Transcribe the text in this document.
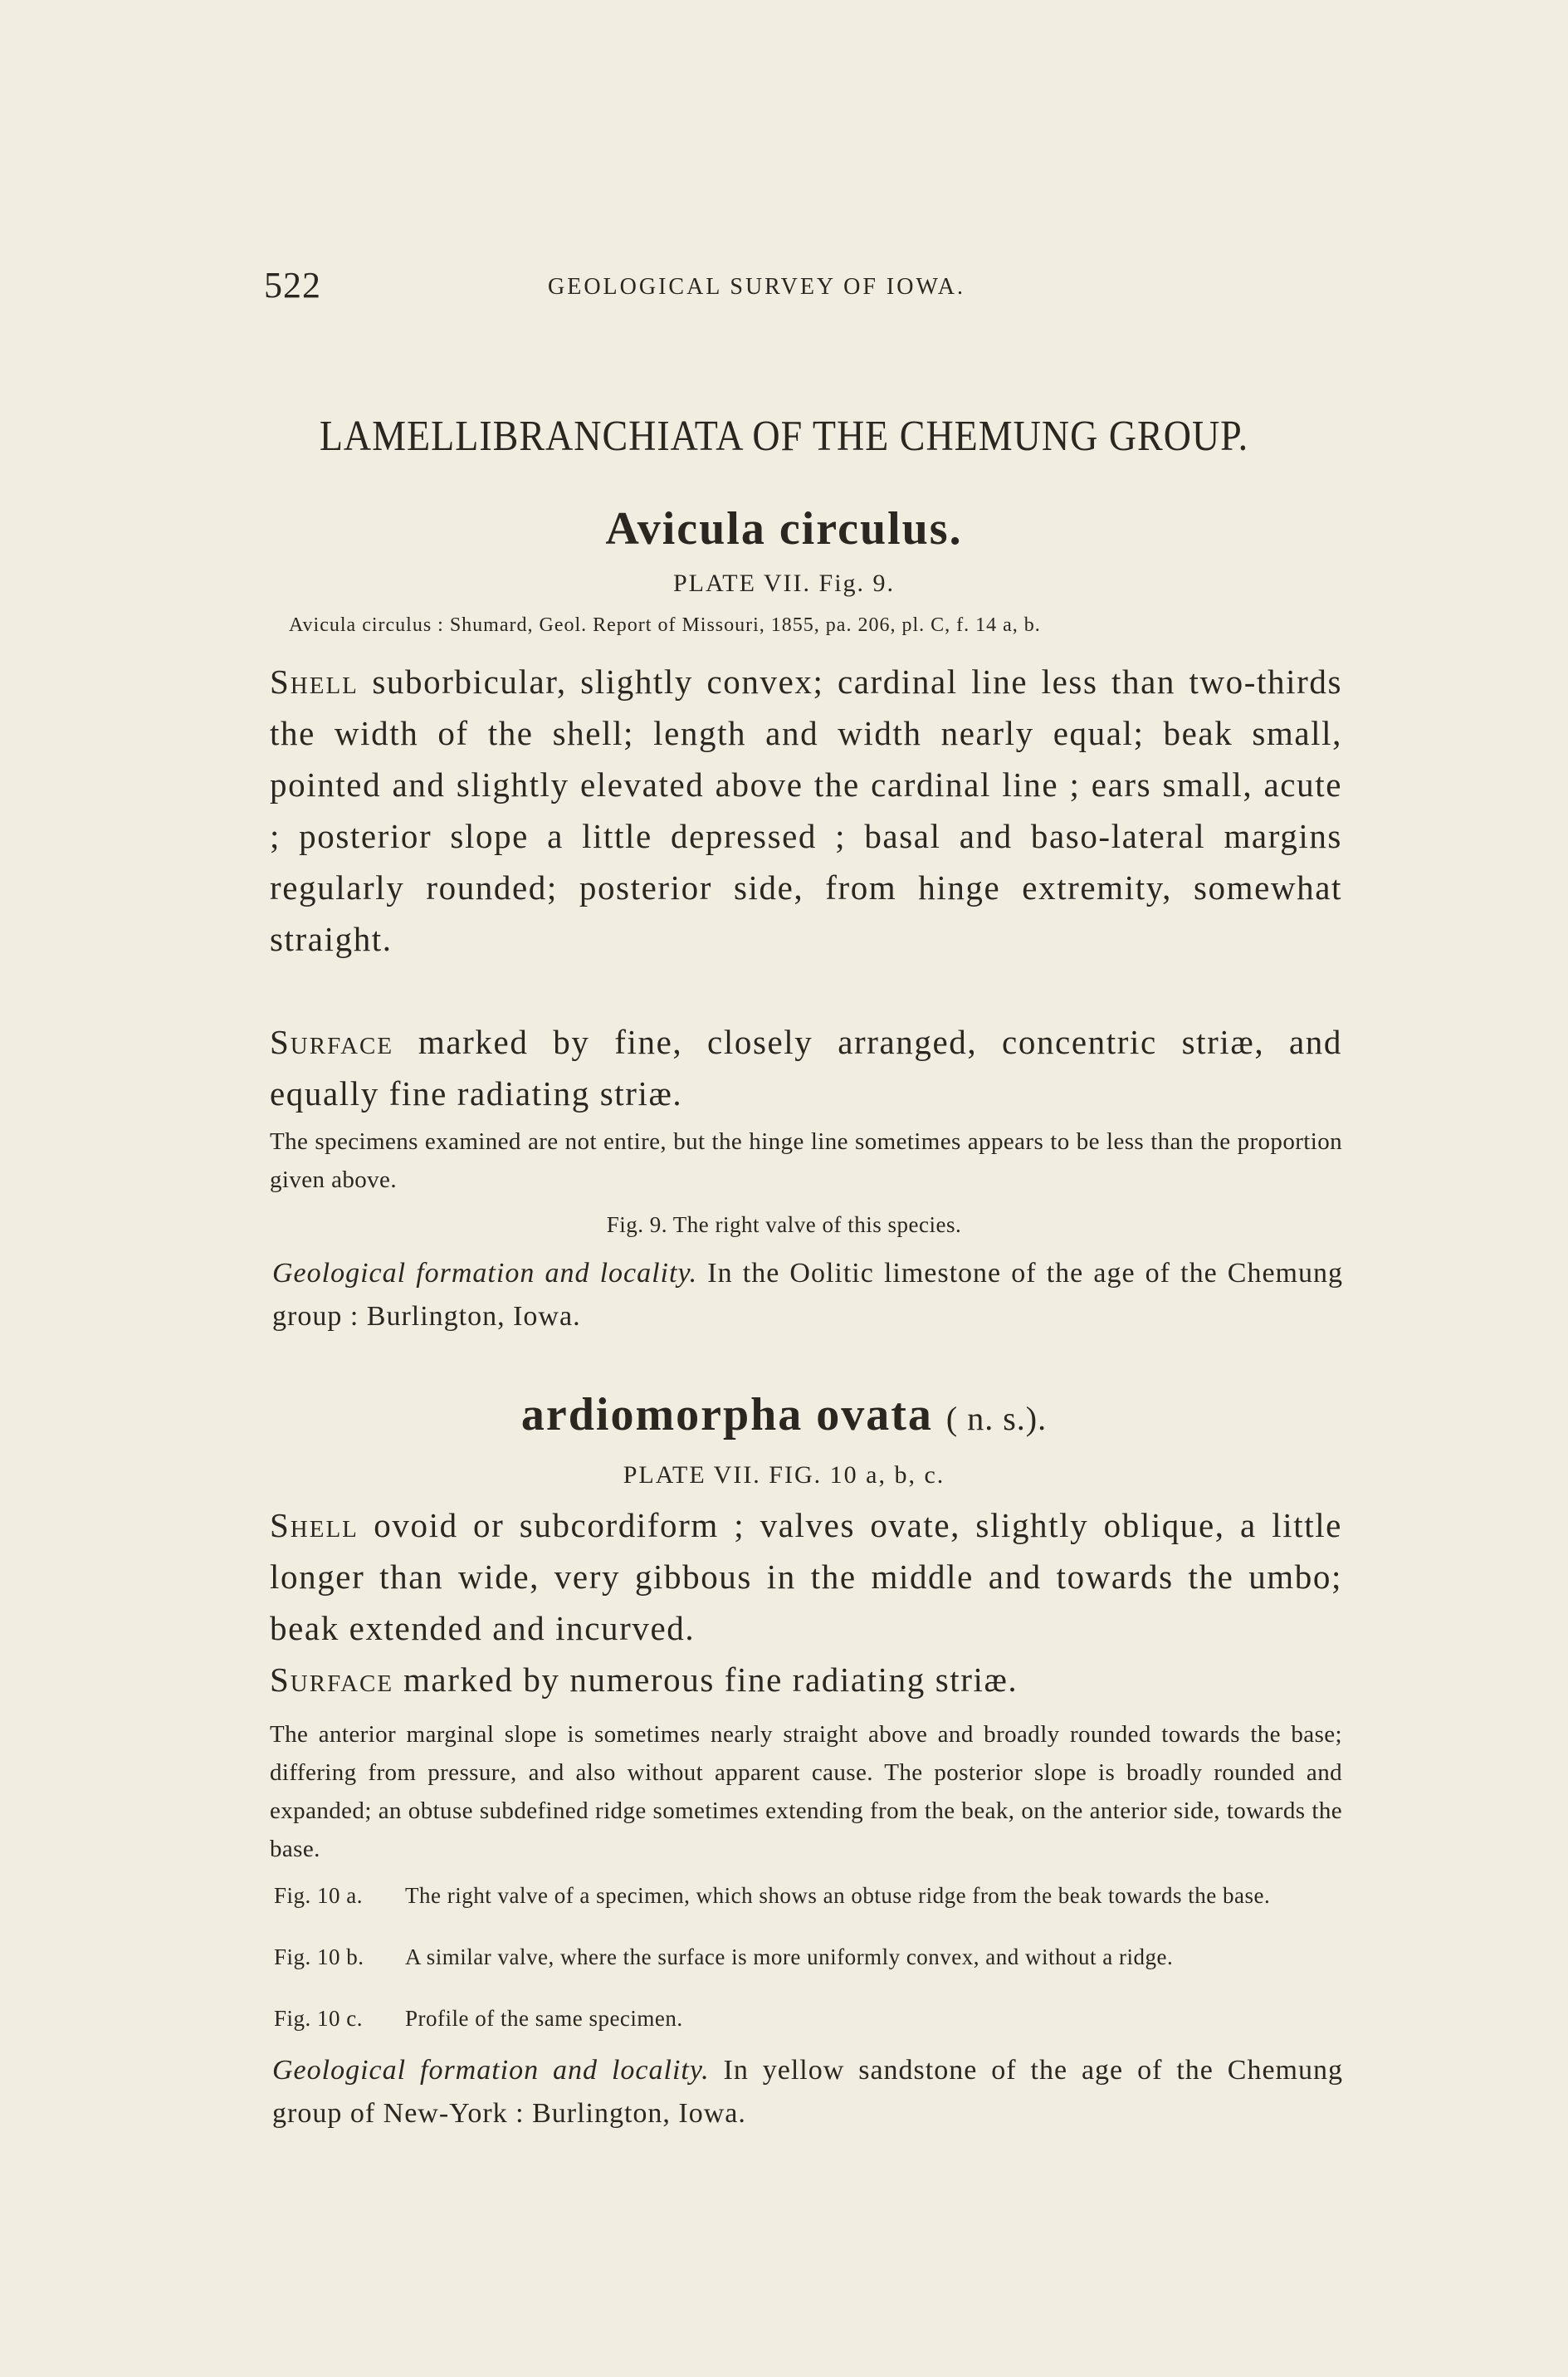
522	GEOLOGICAL SURVEY OF IOWA.
LAMELLIBRANCHIATA OF THE CHEMUNG GROUP.
Avicula circulus.
PLATE VII. Fig. 9.
Avicula circulus : Shumard, Geol. Report of Missouri, 1855, pa. 206, pl. C, f. 14 a, b.

Shell suborbicular, slightly convex; cardinal line less than two-thirds the width of the shell; length and width nearly equal; beak small, pointed and slightly elevated above the cardinal line ; ears small, acute ; posterior slope a little depressed ; basal and baso-lateral margins regularly rounded; posterior side, from hinge extremity, somewhat straight.

Surface marked by fine, closely arranged, concentric striæ, and equally fine radiating striæ.

The specimens examined are not entire, but the hinge line sometimes appears to be less than the proportion given above.

Fig. 9. The right valve of this species.

Geological formation and locality. In the Oolitic limestone of the age of the Chemung group : Burlington, Iowa.

ardiomorpha ovata ( n. s.).
PLATE VII. FIG. 10 a, b, c.

Shell ovoid or subcordiform ; valves ovate, slightly oblique, a little longer than wide, very gibbous in the middle and towards the umbo; beak extended and incurved.

Surface marked by numerous fine radiating striæ.

The anterior marginal slope is sometimes nearly straight above and broadly rounded towards the base; differing from pressure, and also without apparent cause. The posterior slope is broadly rounded and expanded; an obtuse subdefined ridge sometimes extending from the beak, on the anterior side, towards the base.

Fig. 10 a.	The right valve of a specimen, which shows an obtuse ridge from the beak towards the base.
Fig. 10 b.	A similar valve, where the surface is more uniformly convex, and without a ridge.
Fig. 10 c.	Profile of the same specimen.

Geological formation and locality. In yellow sandstone of the age of the Chemung group of New-York : Burlington, Iowa.
